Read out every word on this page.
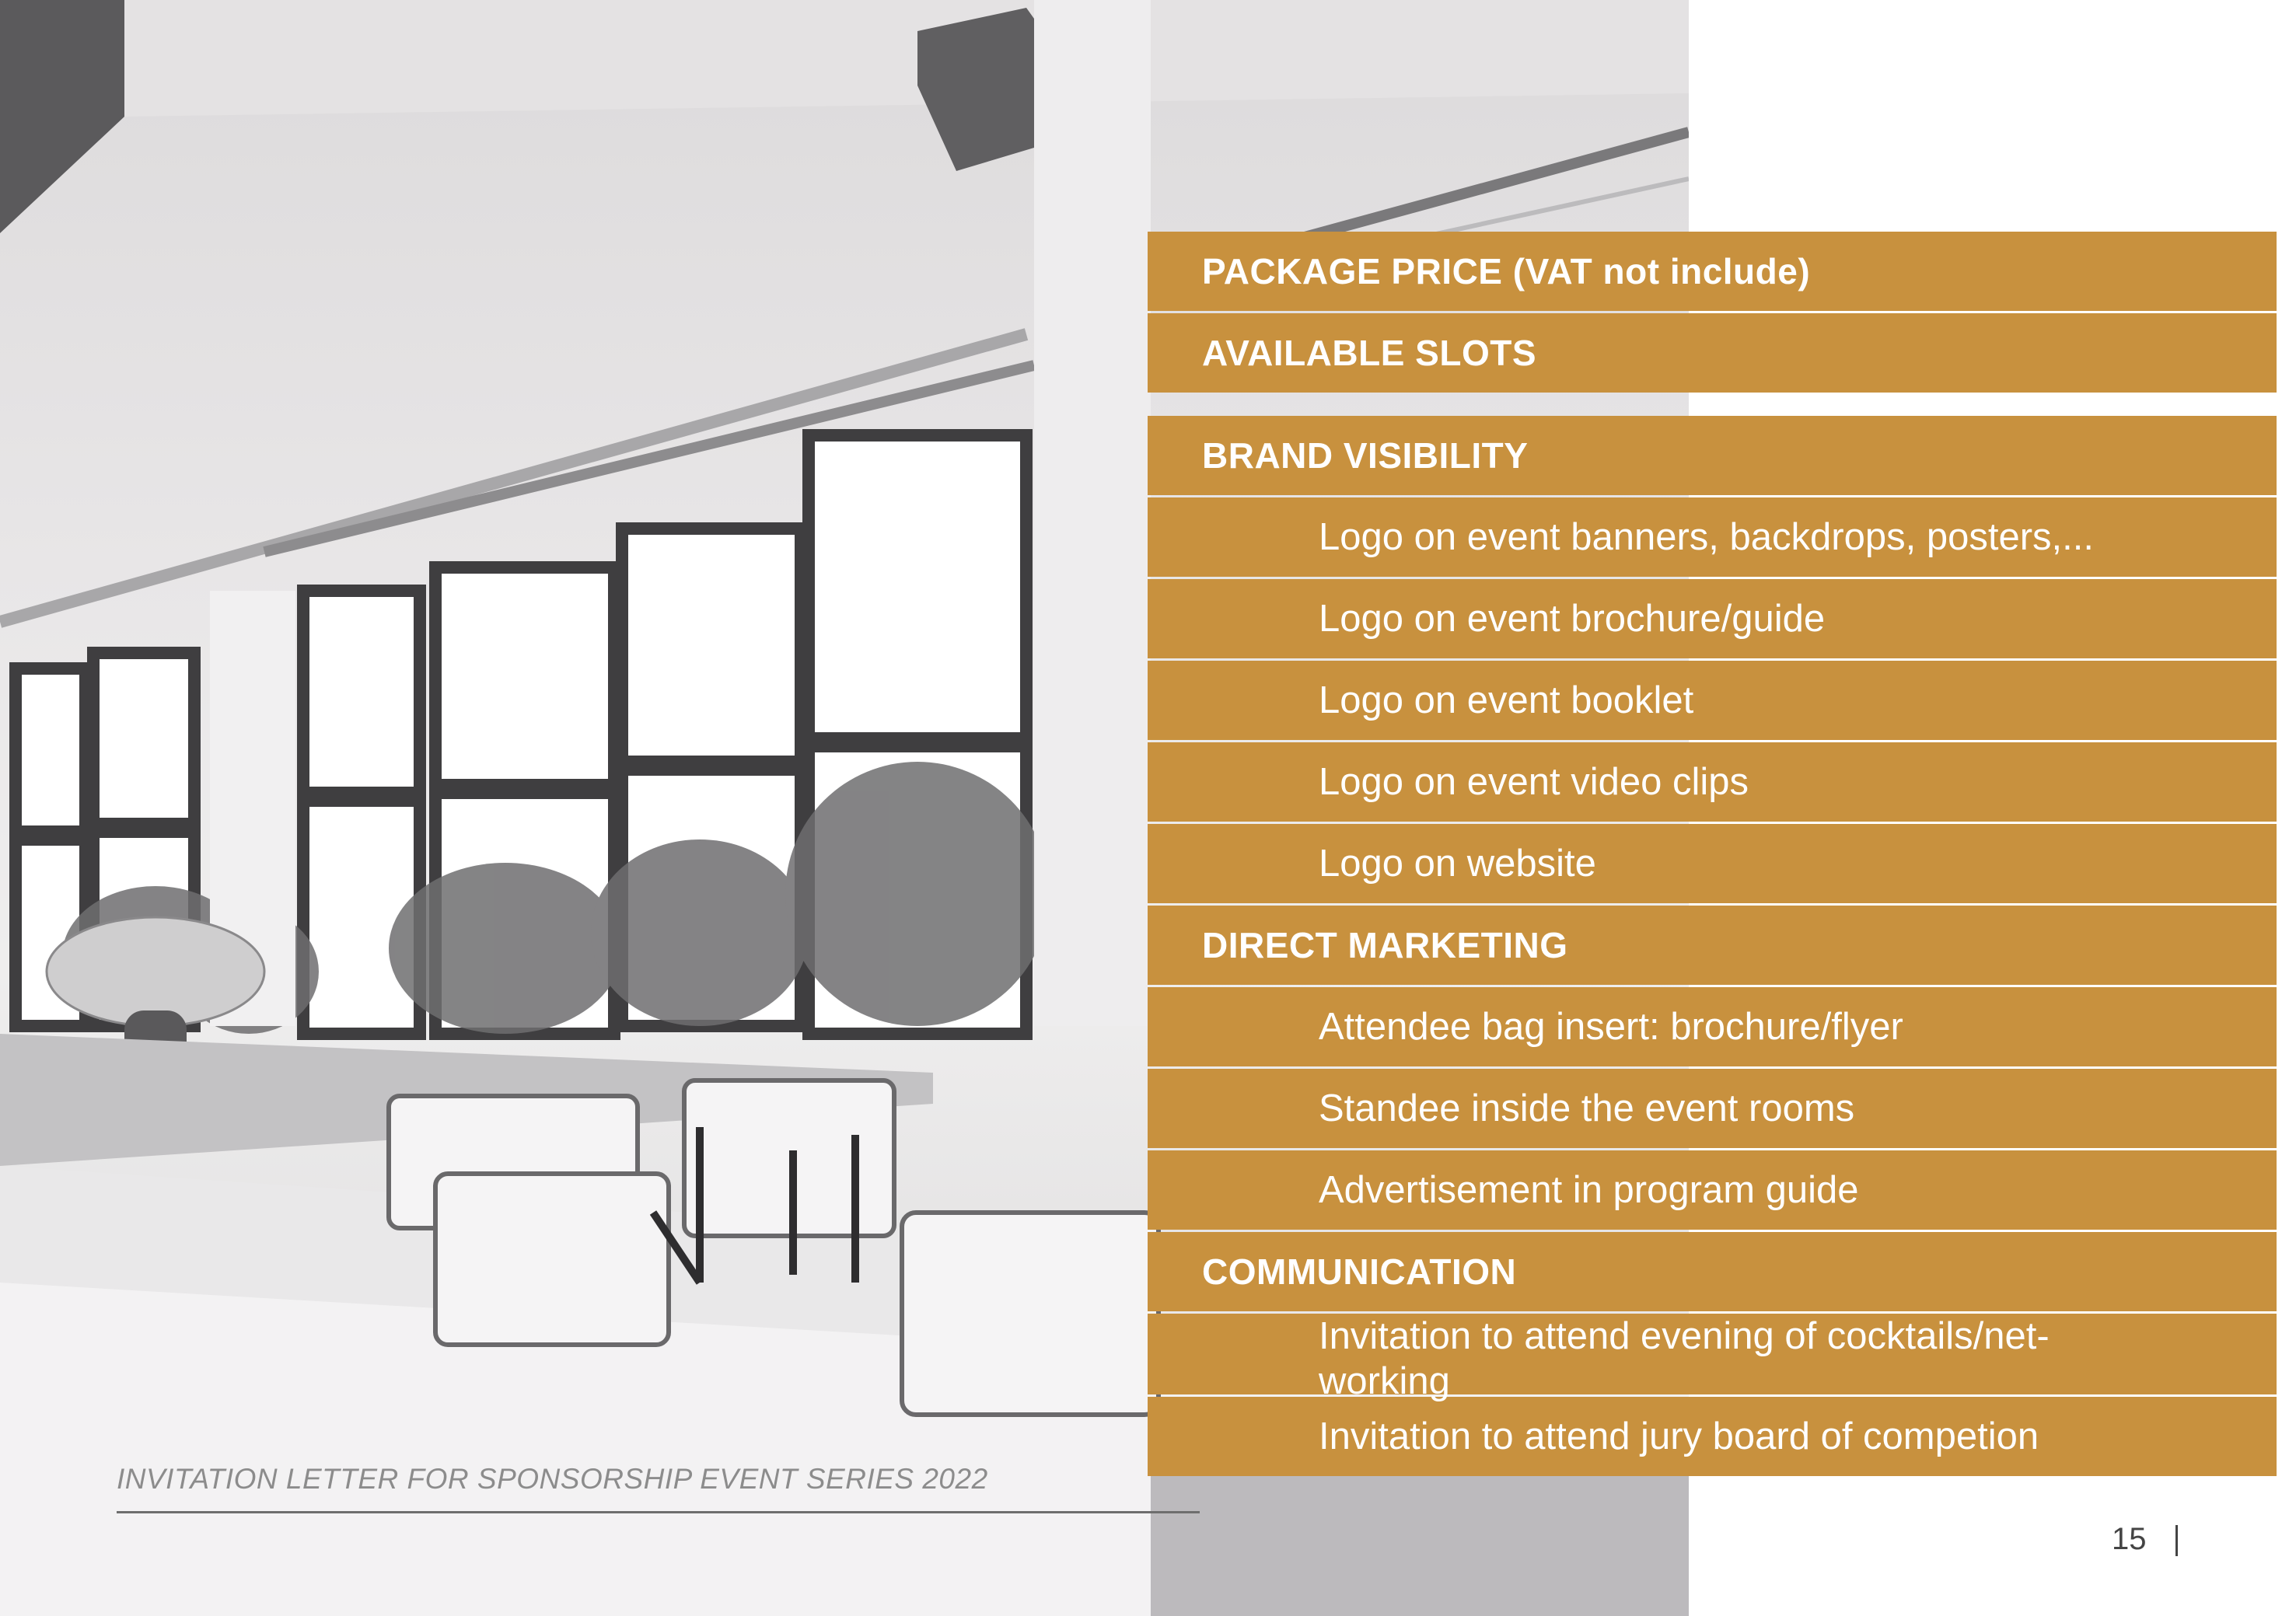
PACKAGE PRICE (VAT not include)
AVAILABLE SLOTS
BRAND VISIBILITY
Logo on event banners, backdrops, posters,...
Logo on event brochure/guide
Logo on event booklet
Logo on event video clips
Logo on website
DIRECT MARKETING
Attendee bag insert: brochure/flyer
Standee inside the event rooms
Advertisement in program guide
COMMUNICATION
Invitation to attend evening of cocktails/net-
working
Invitation to attend jury board of competion
INVITATION LETTER FOR SPONSORSHIP EVENT SERIES 2022
15
